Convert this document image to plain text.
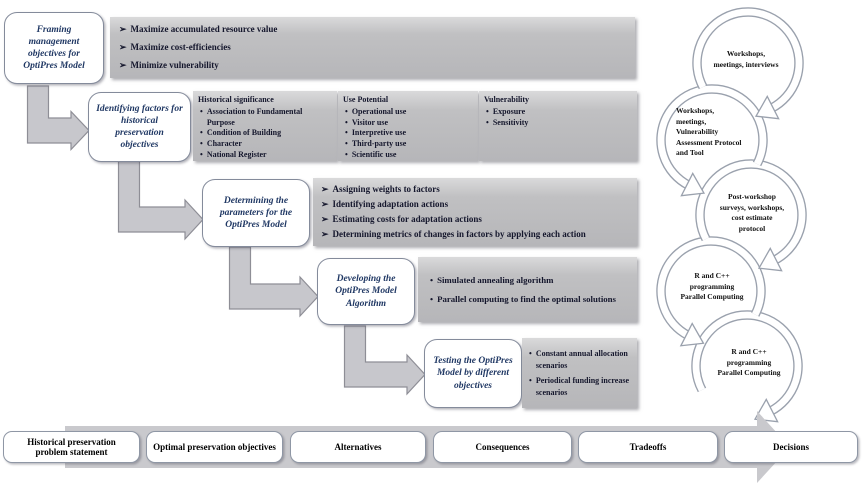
Framing management objectives for OptiPres Model
Identifying factors for historical preservation objectives
Determining the parameters for the OptiPres Model
Developing the OptiPres Model Algorithm
Testing the OptiPres Model by different objectives
➢ Maximize accumulated resource value
➢ Maximize cost-efficiencies
➢ Minimize vulnerability
Historical significance
• Association to Fundamental Purpose
• Condition of Building
• Character
• National Register
Use Potential
• Operational use
• Visitor use
• Interpretive use
• Third-party use
• Scientific use
Vulnerability
• Exposure
• Sensitivity
➢ Assigning weights to factors
➢ Identifying adaptation actions
➢ Estimating costs for adaptation actions
➢ Determining metrics of changes in factors by applying each action
• Simulated annealing algorithm
• Parallel computing to find the optimal solutions
• Constant annual allocation scenarios
• Periodical funding increase scenarios
Workshops,
meetings, interviews
Workshops,
meetings,
Vulnerability
Assessment Protocol
and Tool
Post-workshop
surveys, workshops,
cost estimate
protocol
R and C++
programming
Parallel Computing
R and C++
programming
Parallel Computing
Historical preservation problem statement
Optimal preservation objectives	Alternatives	Consequences	Tradeoffs	Decisions
